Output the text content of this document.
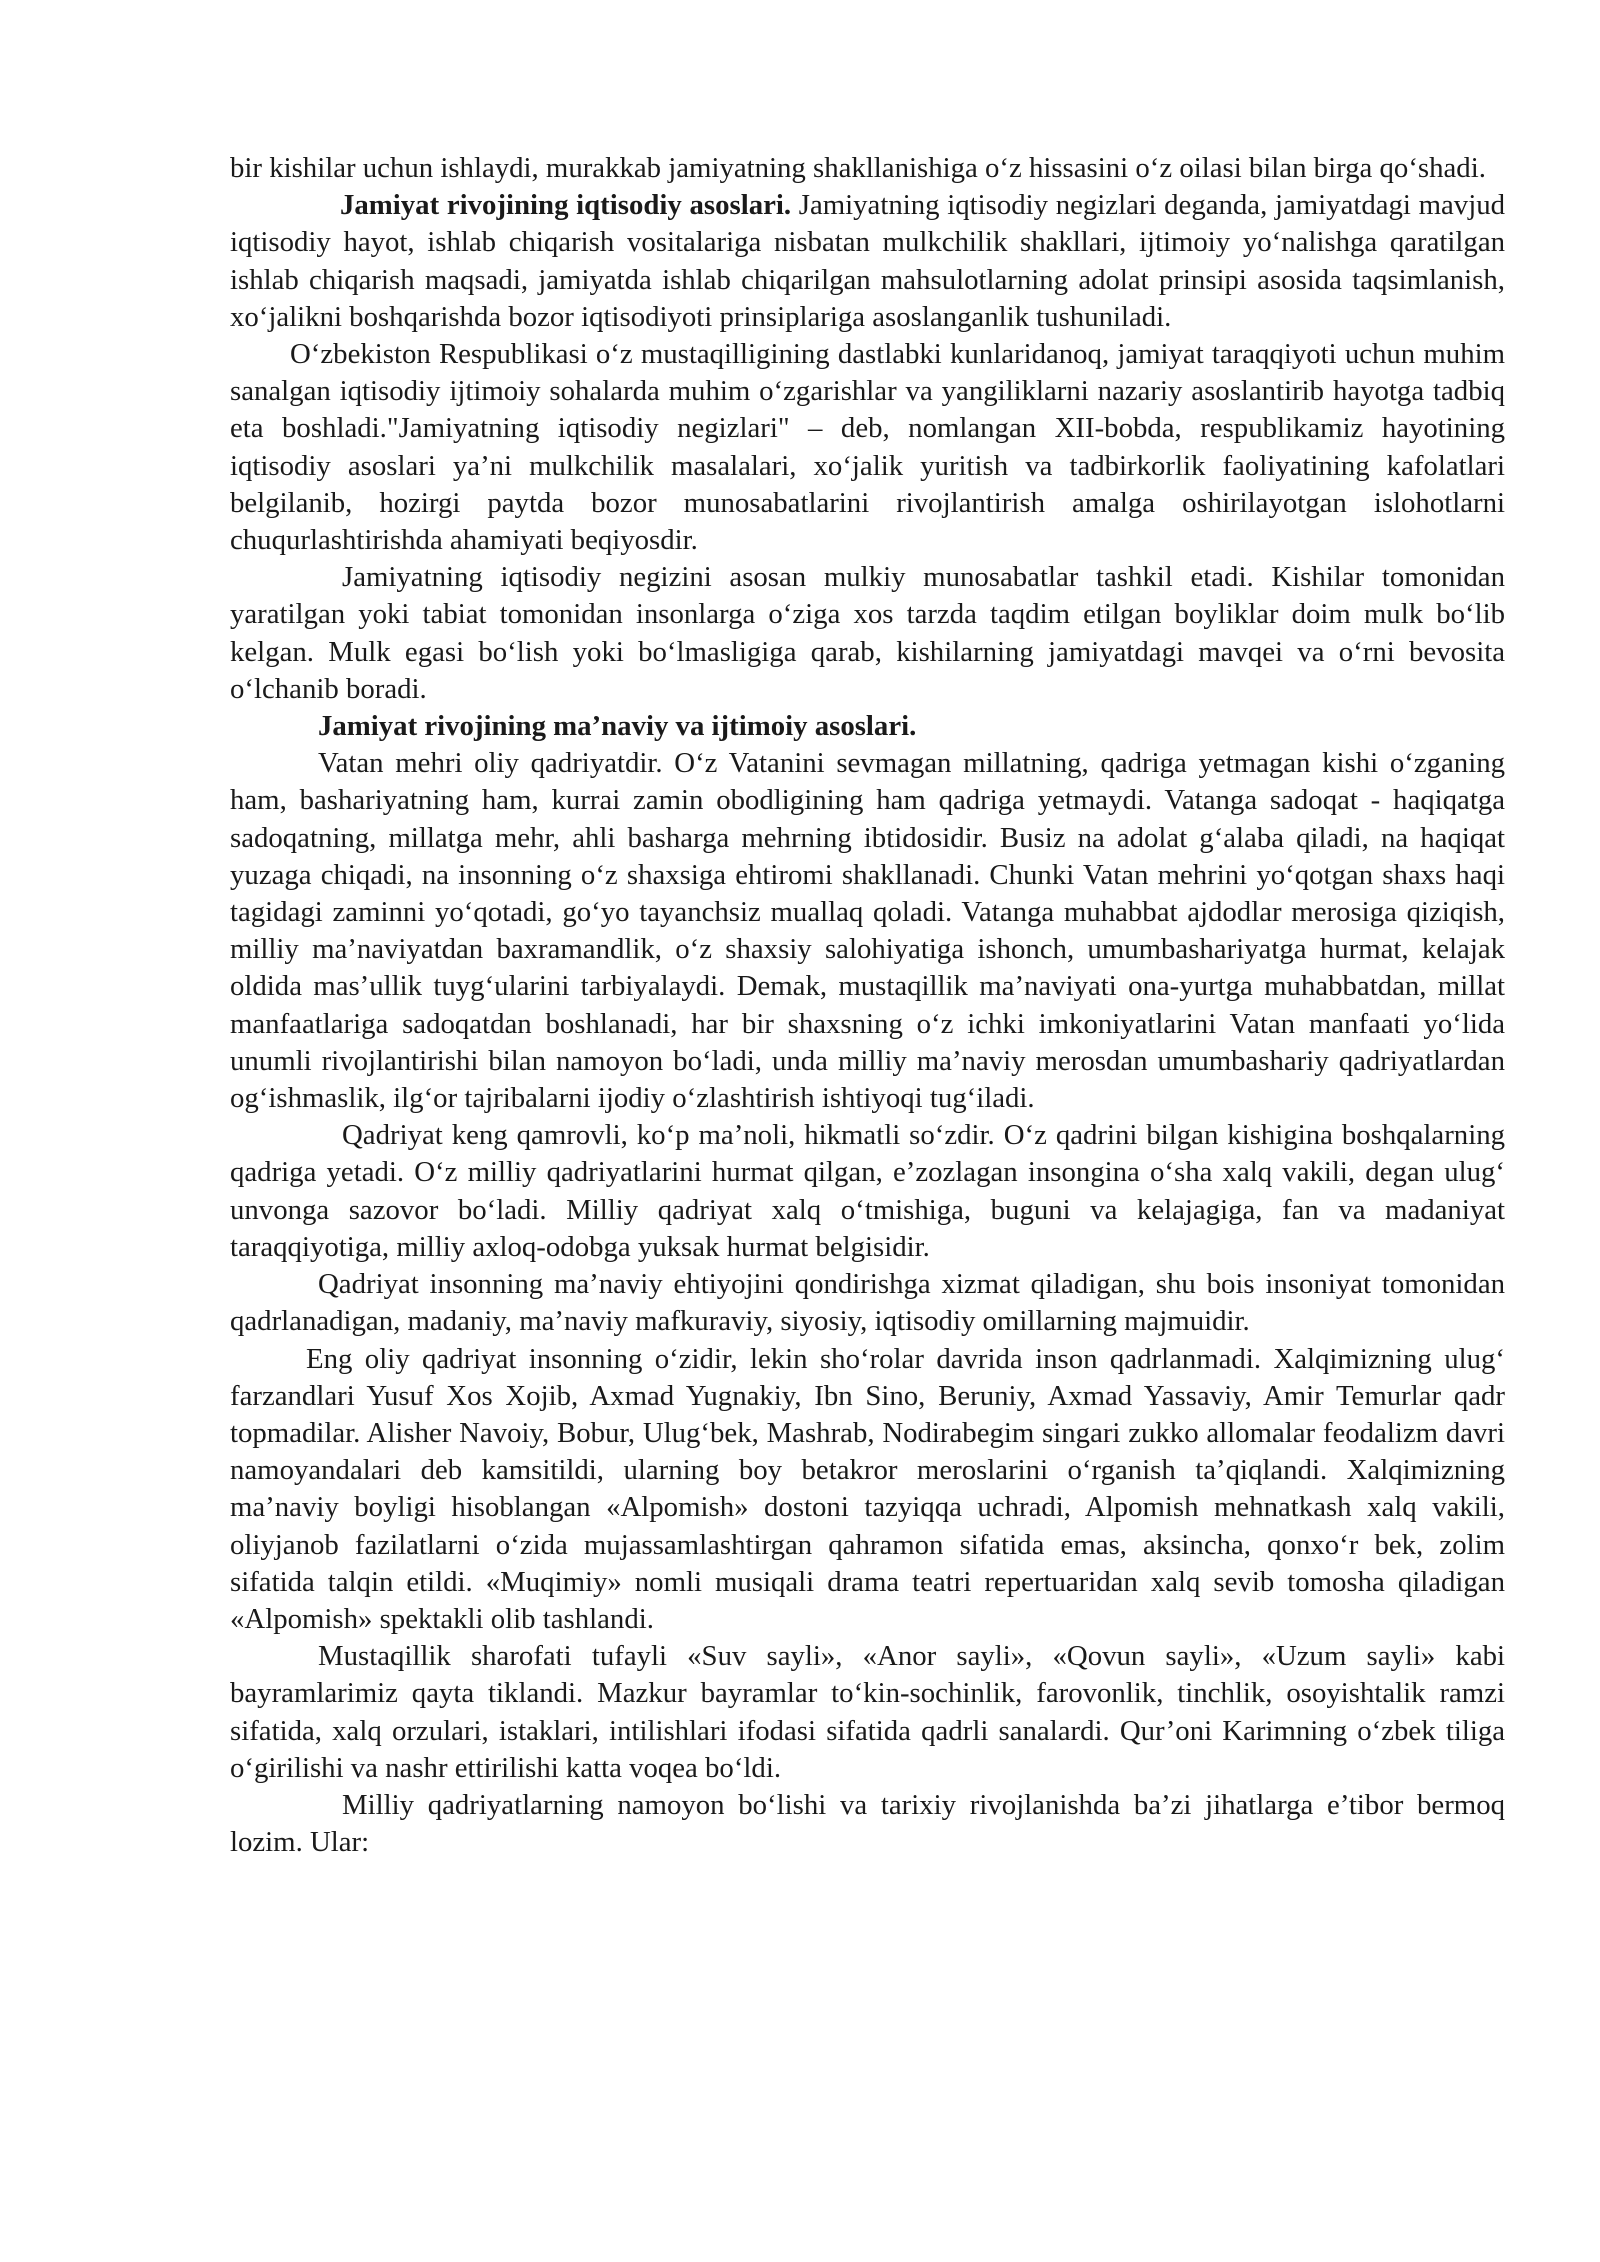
bir kishilar uchun ishlaydi, murakkab jamiyatning shakllanishiga o‘z hissasini o‘z oilasi bilan birga qo‘shadi.

Jamiyat rivojining iqtisodiy asoslari. Jamiyatning iqtisodiy negizlari deganda, jamiyatdagi mavjud iqtisodiy hayot, ishlab chiqarish vositalariga nisbatan mulkchilik shakllari, ijtimoiy yo‘nalishga qaratilgan ishlab chiqarish maqsadi, jamiyatda ishlab chiqarilgan mahsulotlarning adolat prinsipi asosida taqsimlanish, xo‘jalikni boshqarishda bozor iqtisodiyoti prinsiplariga asoslanganlik tushuniladi.

O‘zbekiston Respublikasi o‘z mustaqilligining dastlabki kunlaridanoq, jamiyat taraqqiyoti uchun muhim sanalgan iqtisodiy ijtimoiy sohalarda muhim o‘zgarishlar va yangiliklarni nazariy asoslantirib hayotga tadbiq eta boshladi."Jamiyatning iqtisodiy negizlari" – deb, nomlangan XII-bobda, respublikamiz hayotining iqtisodiy asoslari ya’ni mulkchilik masalalari, xo‘jalik yuritish va tadbirkorlik faoliyatining kafolatlari belgilanib, hozirgi paytda bozor munosabatlarini rivojlantirish amalga oshirilayotgan islohotlarni chuqurlashtirishda ahamiyati beqiyosdir.

Jamiyatning iqtisodiy negizini asosan mulkiy munosabatlar tashkil etadi. Kishilar tomonidan yaratilgan yoki tabiat tomonidan insonlarga o‘ziga xos tarzda taqdim etilgan boyliklar doim mulk bo‘lib kelgan. Mulk egasi bo‘lish yoki bo‘lmasligiga qarab, kishilarning jamiyatdagi mavqei va o‘rni bevosita o‘lchanib boradi.

Jamiyat rivojining ma’naviy va ijtimoiy asoslari.

Vatan mehri oliy qadriyatdir. O‘z Vatanini sevmagan millatning, qadriga yetmagan kishi o‘zganing ham, bashariyatning ham, kurrai zamin obodligining ham qadriga yetmaydi. Vatanga sadoqat - haqiqatga sadoqatning, millatga mehr, ahli basharga mehrning ibtidosidir. Busiz na adolat g‘alaba qiladi, na haqiqat yuzaga chiqadi, na insonning o‘z shaxsiga ehtiromi shakllanadi. Chunki Vatan mehrini yo‘qotgan shaxs haqi tagidagi zaminni yo‘qotadi, go‘yo tayanchsiz muallaq qoladi. Vatanga muhabbat ajdodlar merosiga qiziqish, milliy ma’naviyatdan baxramandlik, o‘z shaxsiy salohiyatiga ishonch, umumbashariyatga hurmat, kelajak oldida mas’ullik tuyg‘ularini tarbiyalaydi. Demak, mustaqillik ma’naviyati ona-yurtga muhabbatdan, millat manfaatlariga sadoqatdan boshlanadi, har bir shaxsning o‘z ichki imkoniyatlarini Vatan manfaati yo‘lida unumli rivojlantirishi bilan namoyon bo‘ladi, unda milliy ma’naviy merosdan umumbashariy qadriyatlardan og‘ishmaslik, ilg‘or tajribalarni ijodiy o‘zlashtirish ishtiyoqi tug‘iladi.

Qadriyat keng qamrovli, ko‘p ma’noli, hikmatli so‘zdir. O‘z qadrini bilgan kishigina boshqalarning qadriga yetadi. O‘z milliy qadriyatlarini hurmat qilgan, e’zozlagan insongina o‘sha xalq vakili, degan ulug‘ unvonga sazovor bo‘ladi. Milliy qadriyat xalq o‘tmishiga, buguni va kelajagiga, fan va madaniyat taraqqiyotiga, milliy axloq-odobga yuksak hurmat belgisidir.

Qadriyat insonning ma’naviy ehtiyojini qondirishga xizmat qiladigan, shu bois insoniyat tomonidan qadrlanadigan, madaniy, ma’naviy mafkuraviy, siyosiy, iqtisodiy omillarning majmuidir.

Eng oliy qadriyat insonning o‘zidir, lekin sho‘rolar davrida inson qadrlanmadi. Xalqimizning ulug‘ farzandlari Yusuf Xos Xojib, Axmad Yugnakiy, Ibn Sino, Beruniy, Axmad Yassaviy, Amir Temurlar qadr topmadilar. Alisher Navoiy, Bobur, Ulug‘bek, Mashrab, Nodirabegim singari zukko allomalar feodalizm davri namoyandalari deb kamsitildi, ularning boy betakror meroslarini o‘rganish ta’qiqlandi. Xalqimizning ma’naviy boyligi hisoblangan «Alpomish» dostoni tazyiqqa uchradi, Alpomish mehnatkash xalq vakili, oliyjanob fazilatlarni o‘zida mujassamlashtirgan qahramon sifatida emas, aksincha, qonxo‘r bek, zolim sifatida talqin etildi. «Muqimiy» nomli musiqali drama teatri repertuaridan xalq sevib tomosha qiladigan «Alpomish» spektakli olib tashlandi.

Mustaqillik sharofati tufayli «Suv sayli», «Anor sayli», «Qovun sayli», «Uzum sayli» kabi bayramlarimiz qayta tiklandi. Mazkur bayramlar to‘kin-sochinlik, farovonlik, tinchlik, osoyishtalik ramzi sifatida, xalq orzulari, istaklari, intilishlari ifodasi sifatida qadrli sanalardi. Qur’oni Karimning o‘zbek tiliga o‘girilishi va nashr ettirilishi katta voqea bo‘ldi.

Milliy qadriyatlarning namoyon bo‘lishi va tarixiy rivojlanishda ba’zi jihatlarga e’tibor bermoq lozim. Ular:
